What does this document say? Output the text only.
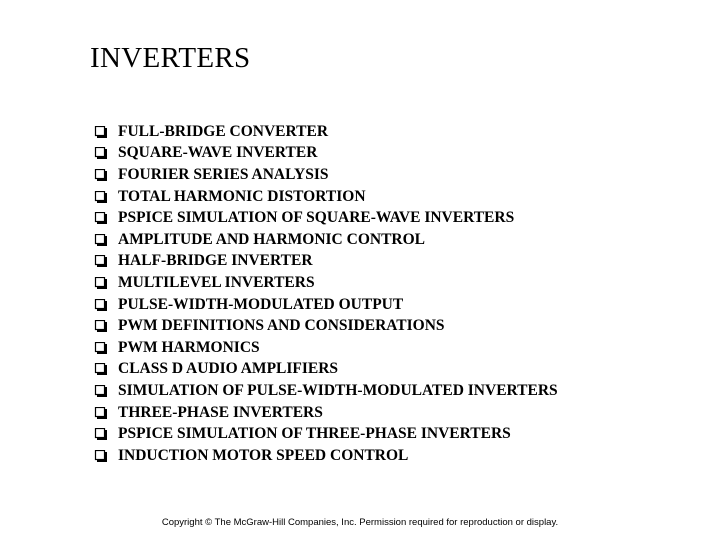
INVERTERS
FULL-BRIDGE CONVERTER
SQUARE-WAVE INVERTER
FOURIER SERIES ANALYSIS
TOTAL HARMONIC DISTORTION
PSPICE SIMULATION OF SQUARE-WAVE INVERTERS
AMPLITUDE AND HARMONIC CONTROL
HALF-BRIDGE INVERTER
MULTILEVEL INVERTERS
PULSE-WIDTH-MODULATED OUTPUT
PWM DEFINITIONS AND CONSIDERATIONS
PWM HARMONICS
CLASS D AUDIO AMPLIFIERS
SIMULATION OF PULSE-WIDTH-MODULATED INVERTERS
THREE-PHASE INVERTERS
PSPICE SIMULATION OF THREE-PHASE INVERTERS
INDUCTION MOTOR SPEED CONTROL
Copyright © The McGraw-Hill Companies, Inc. Permission required for reproduction or display.
